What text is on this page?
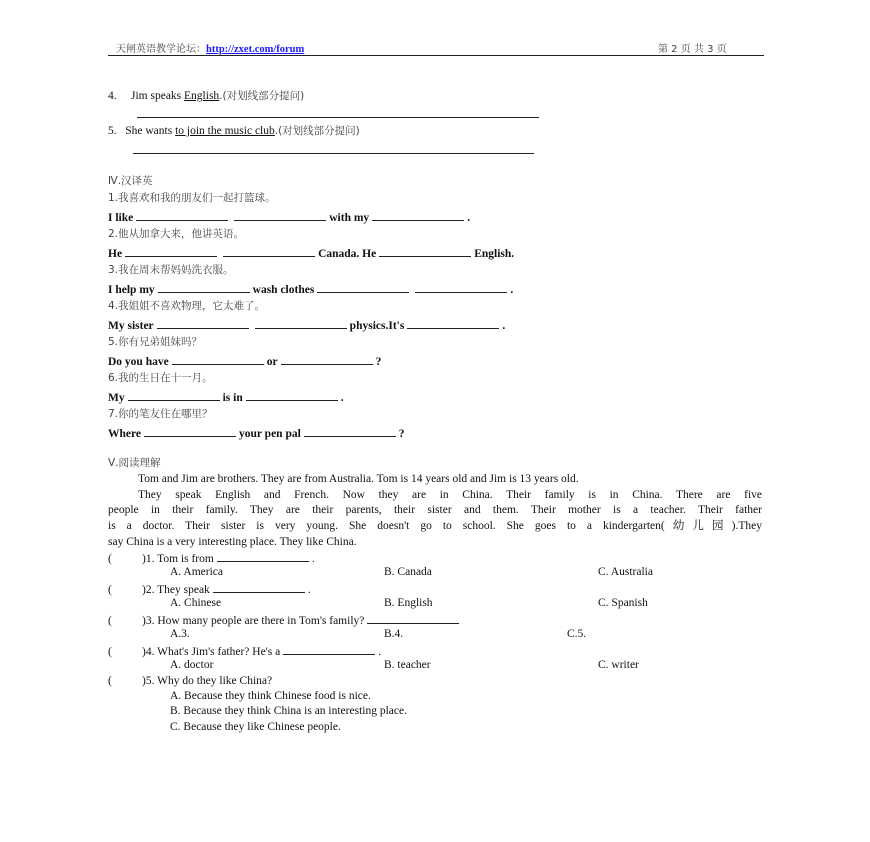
天闸英语教学论坛：http://zxet.com/forum	第 2 页 共 3 页
4. Jim speaks English.(对划线部分提问)
5. She wants to join the music club.(对划线部分提问)
Ⅳ.汉译英
1.我喜欢和我的朋友们一起打篮球。
I like	with my	.
2.他从加拿大来，他讲英语。
He	Canada. He	English.
3.我在周末帮妈妈洗衣服。
I help my	wash clothes	.
4.我姐姐不喜欢物理，它太难了。
My sister	physics.It's	.
5.你有兄弟姐妹吗？
Do you have	or	?
6.我的生日在十一月。
My	is in	.
7.你的笔友住在哪里？
Where	your pen pal	?
Ⅴ.阅读理解
Tom and Jim are brothers. They are from Australia. Tom is 14 years old and Jim is 13 years old.
They speak English and French. Now they are in China. Their family is in China. There are five
people in their family. They are their parents, their sister and them. Their mother is a teacher. Their father
is a doctor. Their sister is very young. She doesn't go to school. She goes to a kindergarten(幼儿园).They
say China is a very interesting place. They like China.
(	)1. Tom is from	.
A. America	B. Canada	C. Australia
(	)2. They speak	.
A. Chinese	B. English	C. Spanish
(	)3. How many people are there in Tom's family?
A.3.	B.4.	C.5.
(	)4. What's Jim's father? He's a	.
A. doctor	B. teacher	C. writer
(	)5. Why do they like China?
A. Because they think Chinese food is nice.
B. Because they think China is an interesting place.
C. Because they like Chinese people.
